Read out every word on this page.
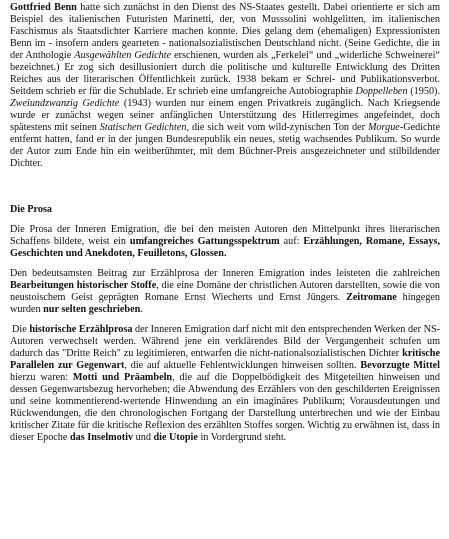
Gottfried Benn hatte sich zunächst in den Dienst des NS-Staates gestellt. Dabei orientierte er sich am Beispiel des italienischen Futuristen Marinetti, der, von Musssolini wohlgelitten, im italienischen Faschismus als Staatsdichter Karriere machen konnte. Dies gelang dem (ehemaligen) Expressionisten Benn im - insofern anders gearteten - nationalsozialistischen Deutschland nicht. (Seine Gedichte, die in der Anthologie Ausgewählten Gedichte erschienen, wurden als „Ferkelei“ und „widerliche Schweinerei“ bezeichnet.) Er zog sich desillusioniert durch die politische und kulturelle Entwicklung des Dritten Reiches aus der literarischen Öffentlichkeit zurück. 1938 bekam er Schrei- und Publikationsverbot. Seitdem schrieb er für die Schublade. Er schrieb eine umfangreiche Autobiographie Doppelleben (1950). Zweiundzwanzig Gedichte (1943) wurden nur einem engen Privatkreis zugänglich. Nach Kriegsende wurde er zunächst wegen seiner anfänglichen Unterstützung des Hitlerregimes angefeindet, doch spätestens mit seinen Statischen Gedichten, die sich weit vom wild-zynischen Ton der Morgue-Gedichte entfernt hatten, fand er in der jungen Bundesrepublik ein neues, stetig wachsendes Publikum. So wurde der Autor zum Ende hin ein weitberühmter, mit dem Büchner-Preis ausgezeichneter und stilbildender Dichter.

Die Prosa

Die Prosa der Inneren Emigration, die bei den meisten Autoren den Mittelpunkt ihres literarischen Schaffens bildete, weist ein umfangreiches Gattungsspektrum auf: Erzählungen, Romane, Essays, Geschichten und Anekdoten, Feuilletons, Glossen.

Den bedeutsamsten Beitrag zur Erzählprosa der Inneren Emigration indes leisteten die zahlreichen Bearbeitungen historischer Stoffe, die eine Domäne der christlichen Autoren darstellten, sowie die von neustoischem Geist geprägten Romane Ernst Wiecherts und Ernst Jüngers. Zeitromane hingegen wurden nur selten geschrieben.

Die historische Erzählprosa der Inneren Emigration darf nicht mit den entsprechenden Werken der NS-Autoren verwechselt werden. Während jene ein verklärendes Bild der Vergangenheit schufen um dadurch das "Dritte Reich" zu legitimieren, entwarfen die nicht-nationalsozialistischen Dichter kritische Parallelen zur Gegenwart, die auf aktuelle Fehlentwicklungen hinweisen sollten. Bevorzugte Mittel hierzu waren: Motti und Präambeln, die auf die Doppelbödigkeit des Mitgeteilten hinweisen und dessen Gegenwartsbezug hervorheben; die Abwendung des Erzählers von den geschilderten Ereignissen und seine kommentierend-wertende Hinwendung an ein imaginäres Publikum; Vorausdeutungen und Rückwendungen, die den chronologischen Fortgang der Darstellung unterbrechen und wie der Einbau kritischer Zitate für die kritische Reflexion des erzählten Stoffes sorgen. Wichtig zu erwähnen ist, dass in dieser Epoche das Inselmotiv und die Utopie in Vordergrund steht.
